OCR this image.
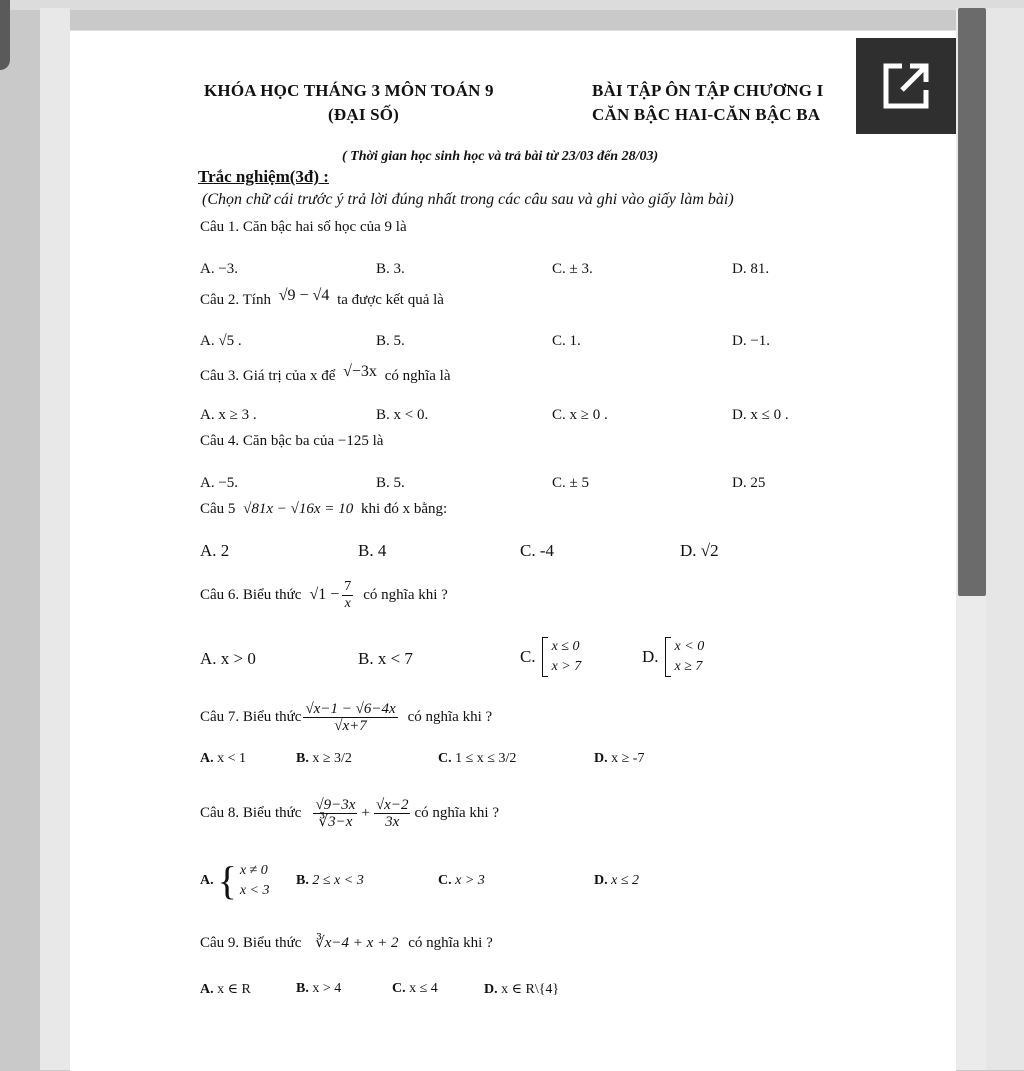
KHÓA HỌC THÁNG 3 MÔN TOÁN 9
(ĐẠI SỐ)
BÀI TẬP ÔN TẬP CHƯƠNG I
CĂN BẬC HAI-CĂN BẬC BA
( Thời gian học sinh học và trả bài từ 23/03 đến 28/03)
Trắc nghiệm(3đ) :
(Chọn chữ cái trước ý trả lời đúng nhất trong các câu sau và ghi vào giấy làm bài)
Câu 1. Căn bậc hai số học của 9 là
A. −3.	B. 3.	C. ± 3.	D. 81.
Câu 2. Tính √9 − √4 ta được kết quả là
A. √5 .	B. 5.	C. 1.	D. −1.
Câu 3. Giá trị của x để √−3x có nghĩa là
A. x ≥ 3 .	B. x < 0.	C. x ≥ 0 .	D. x ≤ 0 .
Câu 4. Căn bậc ba của −125 là
A. −5.	B. 5.	C. ± 5	D. 25
Câu 5 √81x − √16x = 10 khi đó x bằng:
A. 2	B. 4	C. -4	D. √2
Câu 6. Biểu thức $√1 - \frac{7}{x}$ có nghĩa khi ?
A. x > 0	B. x < 7	C.
x ≤ 0
x > 7
D.
x < 0
x ≥ 7
Câu 7. Biểu thức $\frac{√x-1 - √6-4x}{√x+7}$ có nghĩa khi ?
A. x < 1	B. x ≥ 3/2	C. 1 ≤ x ≤ 3/2	D. x ≥ -7
Câu 8. Biểu thức $\frac{√9-3x}{∛3-x} + \frac{√x-2}{3x}$ có nghĩa khi ?
A. { x ≠ 0
x < 3
B. 2 ≤ x < 3	C. x > 3	D. x ≤ 2
Câu 9. Biểu thức ∛x−4 + x + 2 có nghĩa khi ?
A. x ∈ R	B. x > 4	C. x ≤ 4	D. x ∈ R\{4}
